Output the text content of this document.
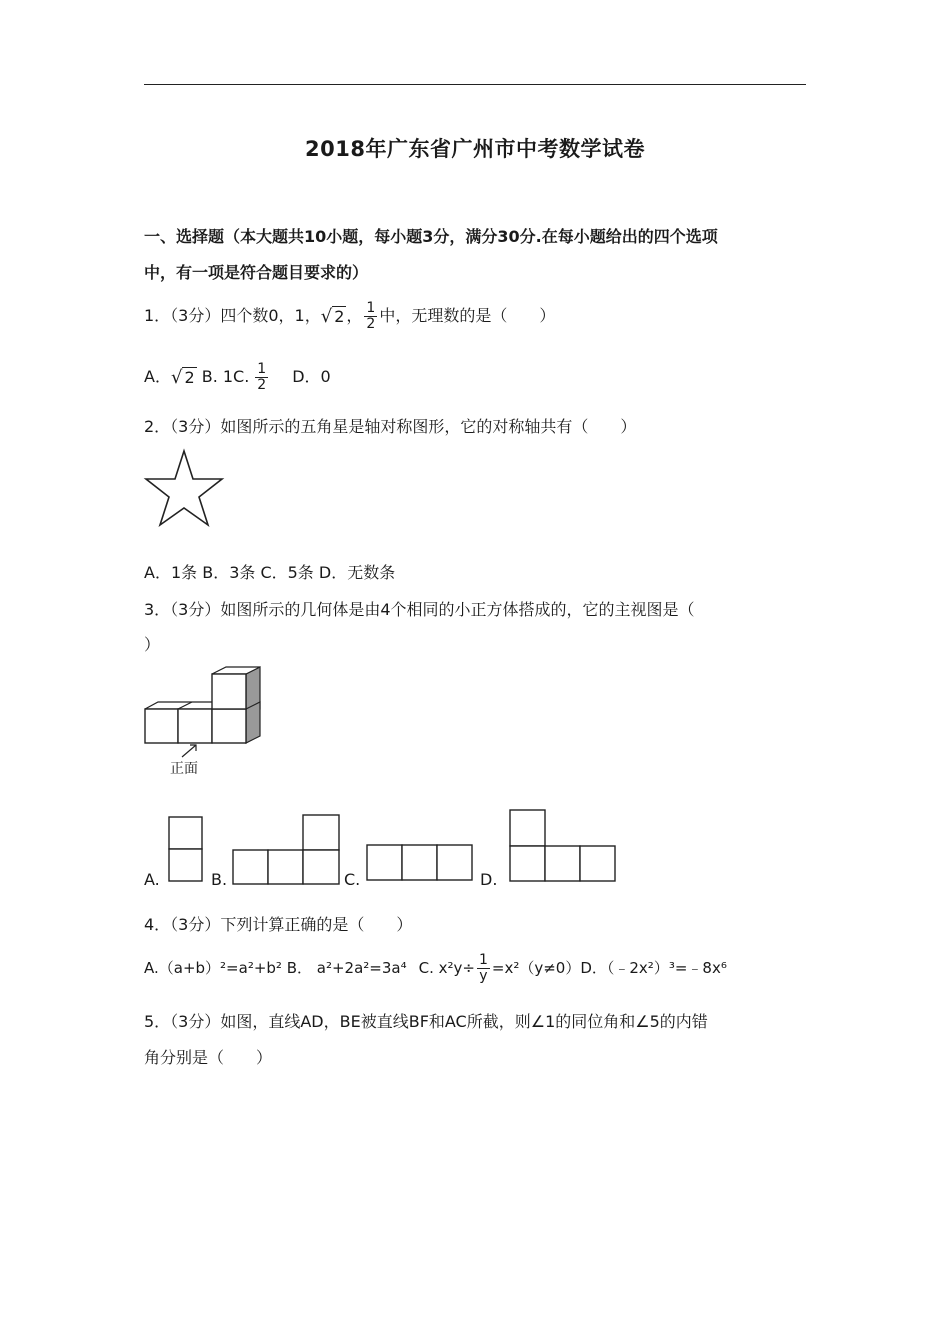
2018年广东省广州市中考数学试卷
一、选择题（本大题共10小题，每小题3分，满分30分.在每小题给出的四个选项
中，有一项是符合题目要求的）
1．（3分）四个数0，1，√ 2 ， $\frac{1}{2}$ 中，无理数的是（　　）
A．√ 2 B. 1C. $\frac{1}{2}$ D．0
2．（3分）如图所示的五角星是轴对称图形，它的对称轴共有（　　）
A．1条 B．3条 C．5条 D．无数条
3．（3分）如图所示的几何体是由4个相同的小正方体搭成的，它的主视图是（
）
正面
A.	B.	C.	D.
4．（3分）下列计算正确的是（　　）
A.（a+b）²=a²+b² B． a²+2a²=3a⁴ C. $x^2y\div \frac{1}{y} =x^2(y\ne 0)D$．（﹣2x²）³=﹣8x⁶
5．（3分）如图，直线AD，BE被直线BF和AC所截，则∠1的同位角和∠5的内错
角分别是（　　）
